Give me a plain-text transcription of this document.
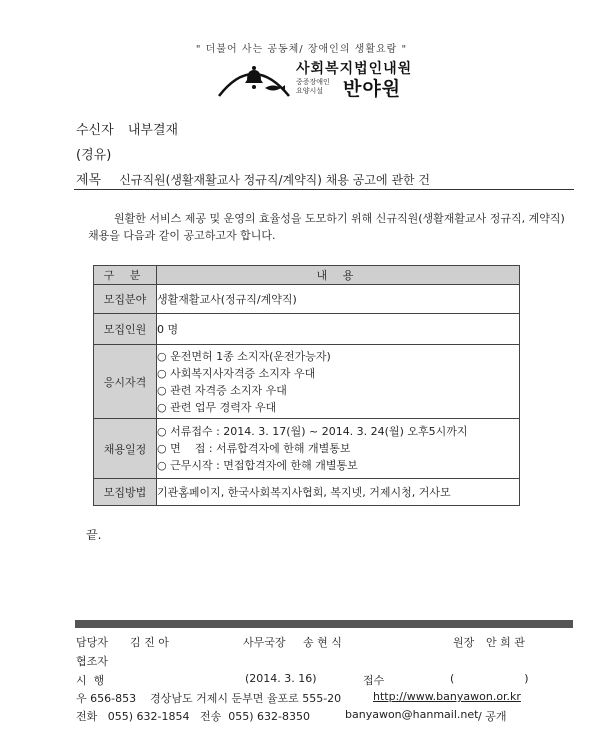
" 더불어 사는 공동체/ 장애인의 생활요람 "
사회복지법인내원
중증장애인
요양시설	반야원
수신자 내부결재
(경유)
제목 신규직원(생활재활교사 정규직/계약직) 채용 공고에 관한 건
원활한 서비스 제공 및 운영의 효율성을 도모하기 위해 신규직원(생활재활교사 정규직, 계약직)채용을 다음과 같이 공고하고자 합니다.
구 분	내 용
모집분야	생활재활교사(정규직/계약직)

모집인원	0 명

응시자격	○ 운전면허 1종 소지자(운전가능자)
○ 사회복지사자격증 소지자 우대
○ 관련 자격증 소지자 우대
○ 관련 업무 경력자 우대

채용일정	○ 서류접수 : 2014. 3. 17(월) ~ 2014. 3. 24(월) 오후5시까지
○ 면    접 : 서류합격자에 한해 개별통보
○ 근무시작 : 면접합격자에 한해 개별통보

모집방법	기관홈페이지, 한국사회복지사협회, 복지넷, 거제시청, 거사모
끝.
담당자 김 진 아	사무국장 송 현 식	원장 안 희 관
협조자
시  행	(2014. 3. 16)	접수	(                    )
우 656-853    경상남도 거제시 둔부면 율포로 555-20	http://www.banyawon.or.kr
전화   055) 632-1854   전송  055) 632-8350	banyawon@hanmail.net / 공개
